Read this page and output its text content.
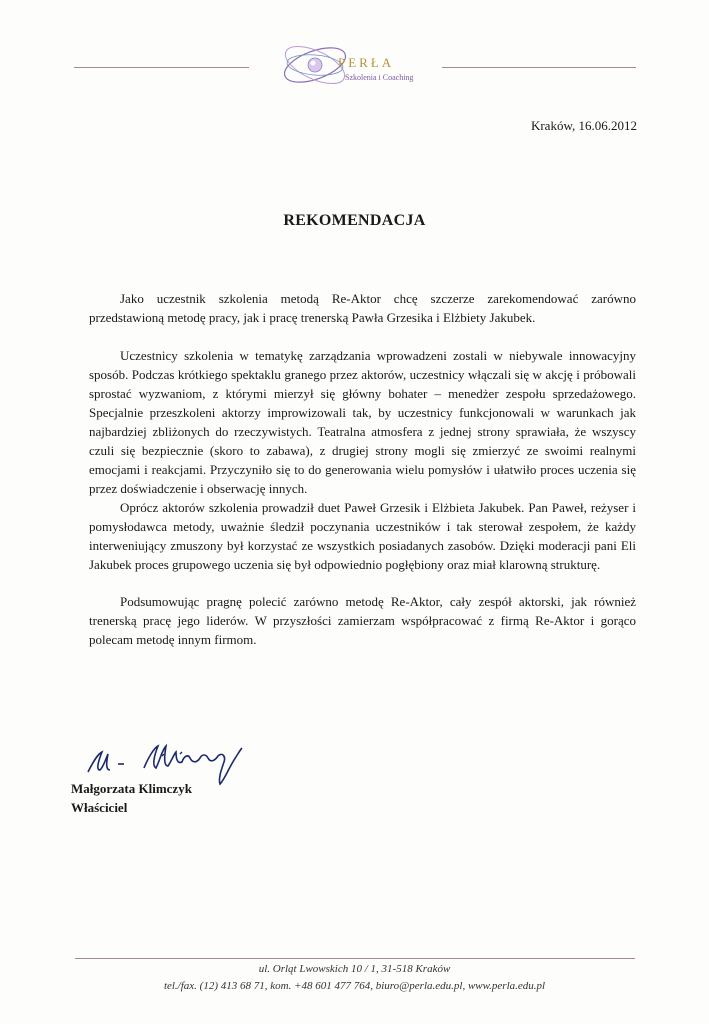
PERŁA
Szkolenia i Coaching
Kraków, 16.06.2012
REKOMENDACJA

Jako uczestnik szkolenia metodą Re-Aktor chcę szczerze zarekomendować zarówno przedstawioną metodę pracy, jak i pracę trenerską Pawła Grzesika i Elżbiety Jakubek.

Uczestnicy szkolenia w tematykę zarządzania wprowadzeni zostali w niebywale innowacyjny sposób. Podczas krótkiego spektaklu granego przez aktorów, uczestnicy włączali się w akcję i próbowali sprostać wyzwaniom, z którymi mierzył się główny bohater – menedżer zespołu sprzedażowego. Specjalnie przeszkoleni aktorzy improwizowali tak, by uczestnicy funkcjonowali w warunkach jak najbardziej zbliżonych do rzeczywistych. Teatralna atmosfera z jednej strony sprawiała, że wszyscy czuli się bezpiecznie (skoro to zabawa), z drugiej strony mogli się zmierzyć ze swoimi realnymi emocjami i reakcjami. Przyczyniło się to do generowania wielu pomysłów i ułatwiło proces uczenia się przez doświadczenie i obserwację innych.

Oprócz aktorów szkolenia prowadził duet Paweł Grzesik i Elżbieta Jakubek. Pan Paweł, reżyser i pomysłodawca metody, uważnie śledził poczynania uczestników i tak sterował zespołem, że każdy interweniujący zmuszony był korzystać ze wszystkich posiadanych zasobów. Dzięki moderacji pani Eli Jakubek proces grupowego uczenia się był odpowiednio pogłębiony oraz miał klarowną strukturę.

Podsumowując pragnę polecić zarówno metodę Re-Aktor, cały zespół aktorski, jak również trenerską pracę jego liderów. W przyszłości zamierzam współpracować z firmą Re-Aktor i gorąco polecam metodę innym firmom.

Małgorzata Klimczyk
Właściciel
ul. Orląt Lwowskich 10 / 1, 31-518 Kraków
tel./fax. (12) 413 68 71, kom. +48 601 477 764, biuro@perla.edu.pl, www.perla.edu.pl
